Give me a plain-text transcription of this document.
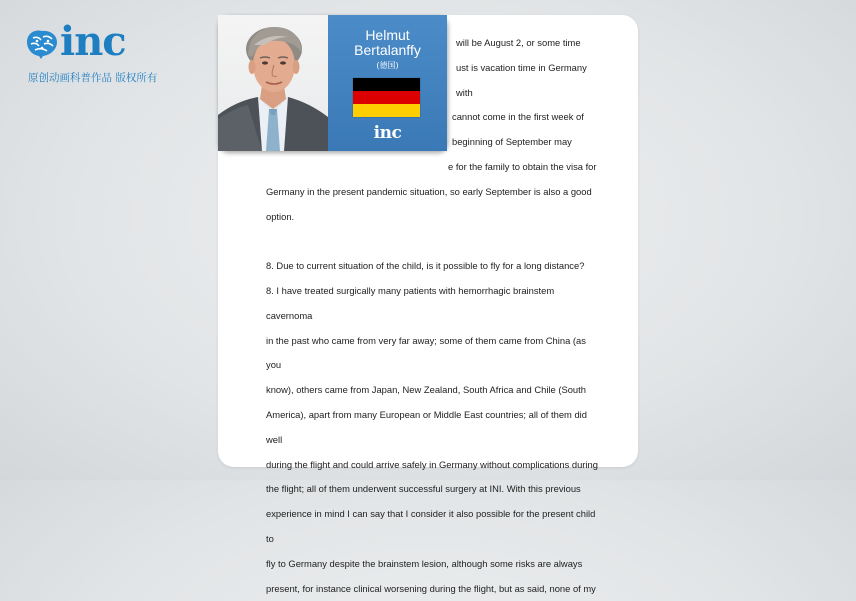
inc
原创动画科普作品 版权所有

will be August 2, or some time

ust is vacation time in Germany with

cannot come in the first week of

beginning of September may

e for the family to obtain the visa for

Germany in the present pandemic situation, so early September is also a good

option.

8. Due to current situation of the child, is it possible to fly for a long distance?

8. I have treated surgically many patients with hemorrhagic brainstem cavernoma

in the past who came from very far away; some of them came from China (as you

know), others came from Japan, New Zealand, South Africa and Chile (South

America), apart from many European or Middle East countries; all of them did well

during the flight and could arrive safely in Germany without complications during

the flight; all of them underwent successful surgery at INI. With this previous

experience in mind I can say that I consider it also possible for the present child to

fly to Germany despite the brainstem lesion, although some risks are always

present, for instance clinical worsening during the flight, but as said, none of my

Helmut
Bertalanffy
(德国)
inc
